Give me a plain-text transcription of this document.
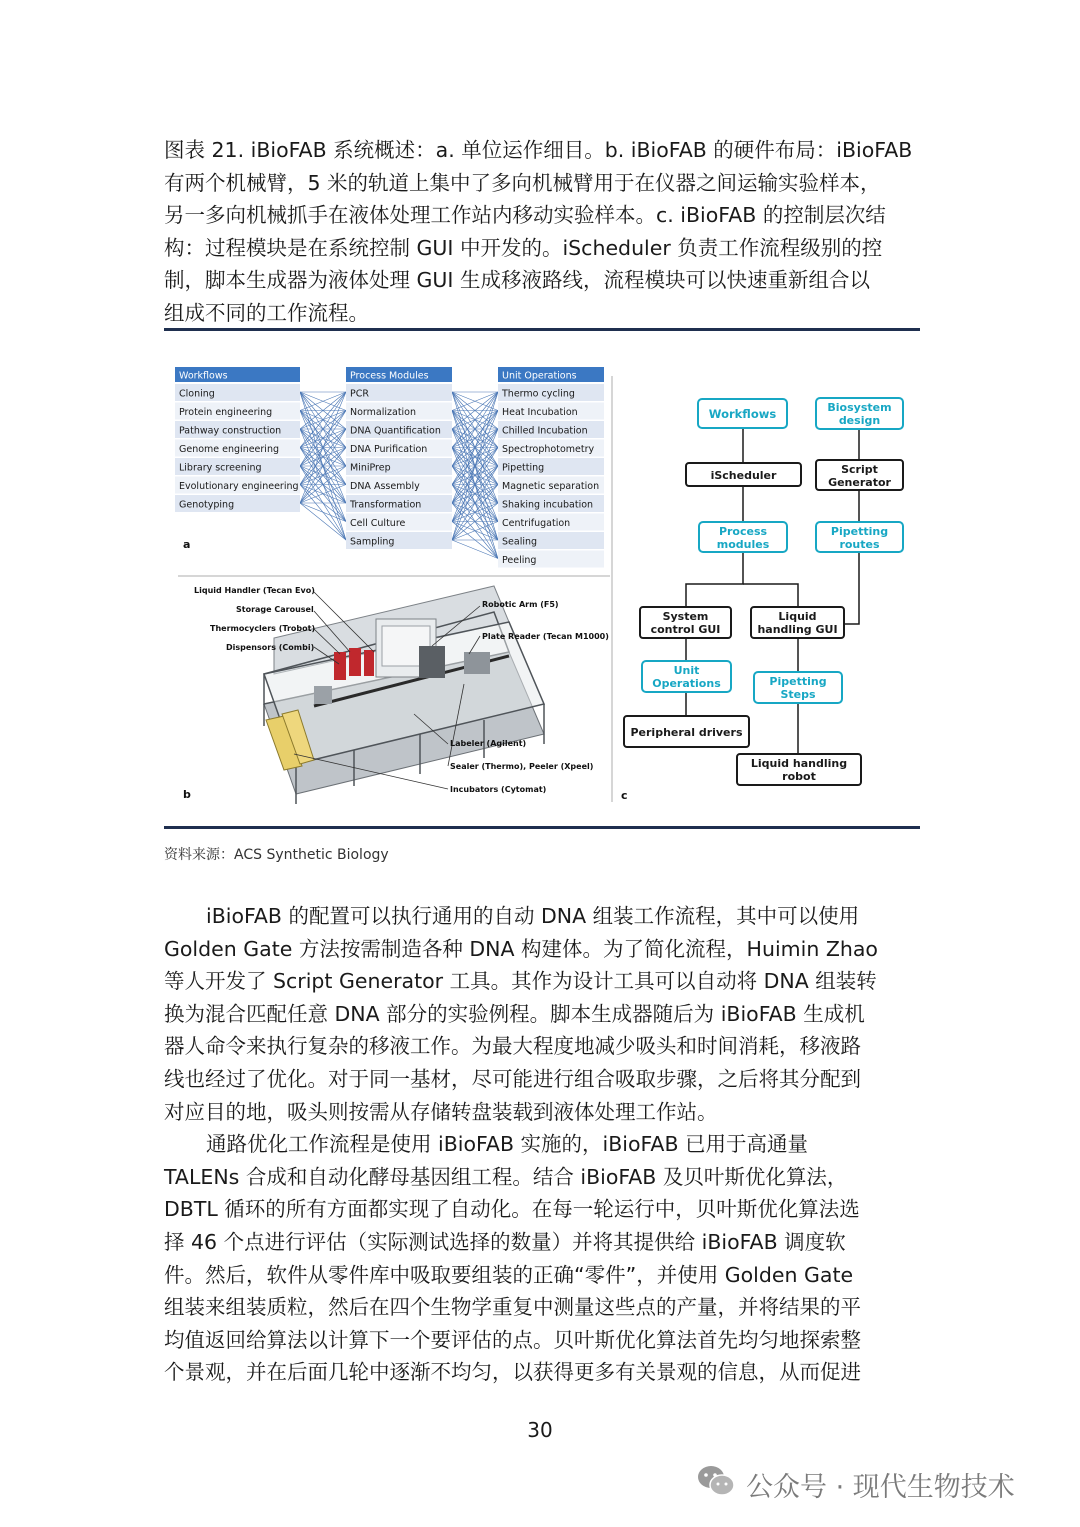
图表 21. iBioFAB 系统概述：a. 单位运作细目。b. iBioFAB 的硬件布局：iBioFAB

有两个机械臂，5 米的轨道上集中了多向机械臂用于在仪器之间运输实验样本，

另一多向机械抓手在液体处理工作站内移动实验样本。c. iBioFAB 的控制层次结

构：过程模块是在系统控制 GUI 中开发的。iScheduler 负责工作流程级别的控

制，脚本生成器为液体处理 GUI 生成移液路线，流程模块可以快速重新组合以

组成不同的工作流程。

Workflows
Cloning
Protein engineering
Pathway construction
Genome engineering
Library screening
Evolutionary engineering
Genotyping
Process Modules
PCR
Normalization
DNA Quantification
DNA Purification
MiniPrep
DNA Assembly
Transformation
Cell Culture
Sampling
Unit Operations
Thermo cycling
Heat Incubation
Chilled Incubation
Spectrophotometry
Pipetting
Magnetic separation
Shaking incubation
Centrifugation
Sealing
Peeling
a
Liquid Handler (Tecan Evo)
Storage Carousel
Thermocyclers (Trobot)
Dispensors (Combi)
Robotic Arm (F5)
Plate Reader (Tecan M1000)
Labeler (Agilent)
Sealer (Thermo), Peeler (Xpeel)
Incubators (Cytomat)
b
Workflows	Biosystem
design
iScheduler	Script
Generator
Process
modules
Pipetting
routes
System
control GUI
Liquid
handling GUI
Unit
Operations	Pipetting
Steps
Peripheral drivers
Liquid handling
robot
c
资料来源：ACS Synthetic Biology

iBioFAB 的配置可以执行通用的自动 DNA 组装工作流程，其中可以使用

Golden Gate 方法按需制造各种 DNA 构建体。为了简化流程，Huimin Zhao

等人开发了 Script Generator 工具。其作为设计工具可以自动将 DNA 组装转

换为混合匹配任意 DNA 部分的实验例程。脚本生成器随后为 iBioFAB 生成机

器人命令来执行复杂的移液工作。为最大程度地减少吸头和时间消耗，移液路

线也经过了优化。对于同一基材，尽可能进行组合吸取步骤，之后将其分配到

对应目的地，吸头则按需从存储转盘装载到液体处理工作站。

通路优化工作流程是使用 iBioFAB 实施的，iBioFAB 已用于高通量

TALENs 合成和自动化酵母基因组工程。结合 iBioFAB 及贝叶斯优化算法，

DBTL 循环的所有方面都实现了自动化。在每一轮运行中，贝叶斯优化算法选

择 46 个点进行评估（实际测试选择的数量）并将其提供给 iBioFAB 调度软

件。然后，软件从零件库中吸取要组装的正确“零件”，并使用 Golden Gate

组装来组装质粒，然后在四个生物学重复中测量这些点的产量，并将结果的平

均值返回给算法以计算下一个要评估的点。贝叶斯优化算法首先均匀地探索整

个景观，并在后面几轮中逐渐不均匀，以获得更多有关景观的信息，从而促进

30
公众号 · 现代生物技术
